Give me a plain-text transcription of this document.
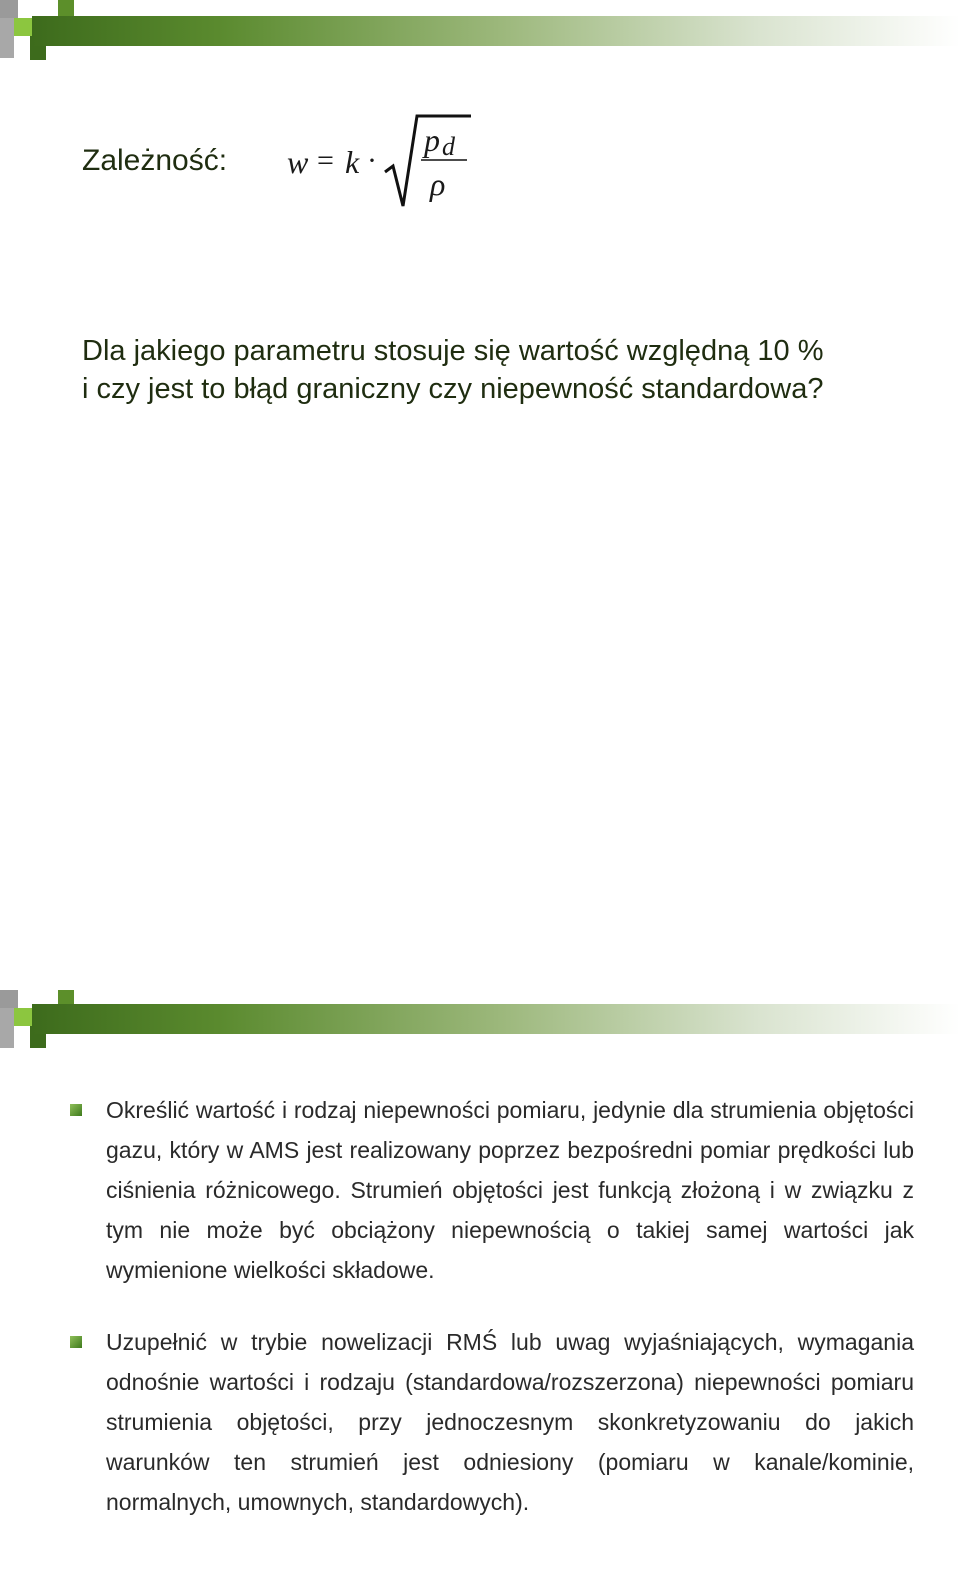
Zależność: w = k ·
p d
ρ

Dla jakiego parametru stosuje się wartość względną 10 %

i czy jest to błąd graniczny czy niepewność standardowa?

Określić wartość i rodzaj niepewności pomiaru, jedynie dla strumienia objętości gazu, który w AMS jest realizowany poprzez bezpośredni pomiar prędkości lub ciśnienia różnicowego. Strumień objętości jest funkcją złożoną i w związku z tym nie może być obciążony niepewnością o takiej samej wartości jak wymienione wielkości składowe.
Uzupełnić w trybie nowelizacji RMŚ lub uwag wyjaśniających, wymagania odnośnie wartości i rodzaju (standardowa/rozszerzona) niepewności pomiaru strumienia objętości, przy jednoczesnym skonkretyzowaniu do jakich warunków ten strumień jest odniesiony (pomiaru w kanale/kominie, normalnych, umownych, standardowych).
